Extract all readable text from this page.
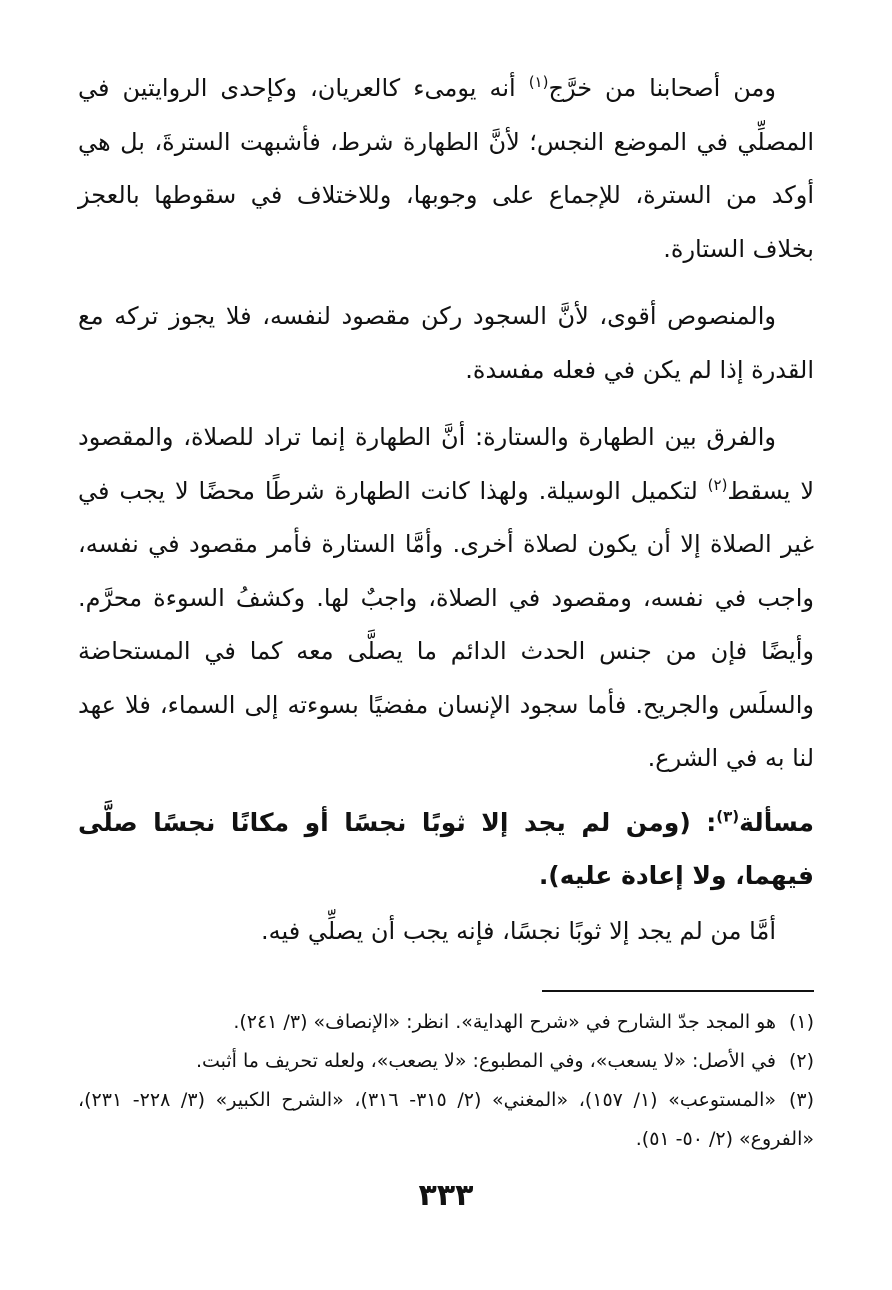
ومن أصحابنا من خرَّج$^{(١)}$ أنه يومىء كالعريان، وكإحدى الروايتين في المصلِّي في الموضع النجس؛ لأنَّ الطهارة شرط، فأشبهت السترةَ، بل هي أوكد من السترة، للإجماع على وجوبها، وللاختلاف في سقوطها بالعجز بخلاف الستارة.

والمنصوص أقوى، لأنَّ السجود ركن مقصود لنفسه، فلا يجوز تركه مع القدرة إذا لم يكن في فعله مفسدة.

والفرق بين الطهارة والستارة: أنَّ الطهارة إنما تراد للصلاة، والمقصود لا يسقط$^{(٢)}$ لتكميل الوسيلة. ولهذا كانت الطهارة شرطًا محضًا لا يجب في غير الصلاة إلا أن يكون لصلاة أخرى. وأمَّا الستارة فأمر مقصود في نفسه، واجب في نفسه، ومقصود في الصلاة، واجبٌ لها. وكشفُ السوءة محرَّم. وأيضًا فإن من جنس الحدث الدائم ما يصلَّى معه كما في المستحاضة والسلَس والجريح. فأما سجود الإنسان مفضيًا بسوءته إلى السماء، فلا عهد لنا به في الشرع.

مسألة$^{(٣)}$: (ومن لم يجد إلا ثوبًا نجسًا أو مكانًا نجسًا صلَّى فيهما، ولا إعادة عليه).

أمَّا من لم يجد إلا ثوبًا نجسًا، فإنه يجب أن يصلِّي فيه.

(١)هو المجد جدّ الشارح في «شرح الهداية». انظر: «الإنصاف» (٣/ ٢٤١).

(٢)في الأصل: «لا يسعب»، وفي المطبوع: «لا يصعب»، ولعله تحريف ما أثبت.

(٣)«المستوعب» (١/ ١٥٧)، «المغني» (٢/ ٣١٥- ٣١٦)، «الشرح الكبير» (٣/ ٢٢٨- ٢٣١)، «الفروع» (٢/ ٥٠- ٥١).

٣٣٣
